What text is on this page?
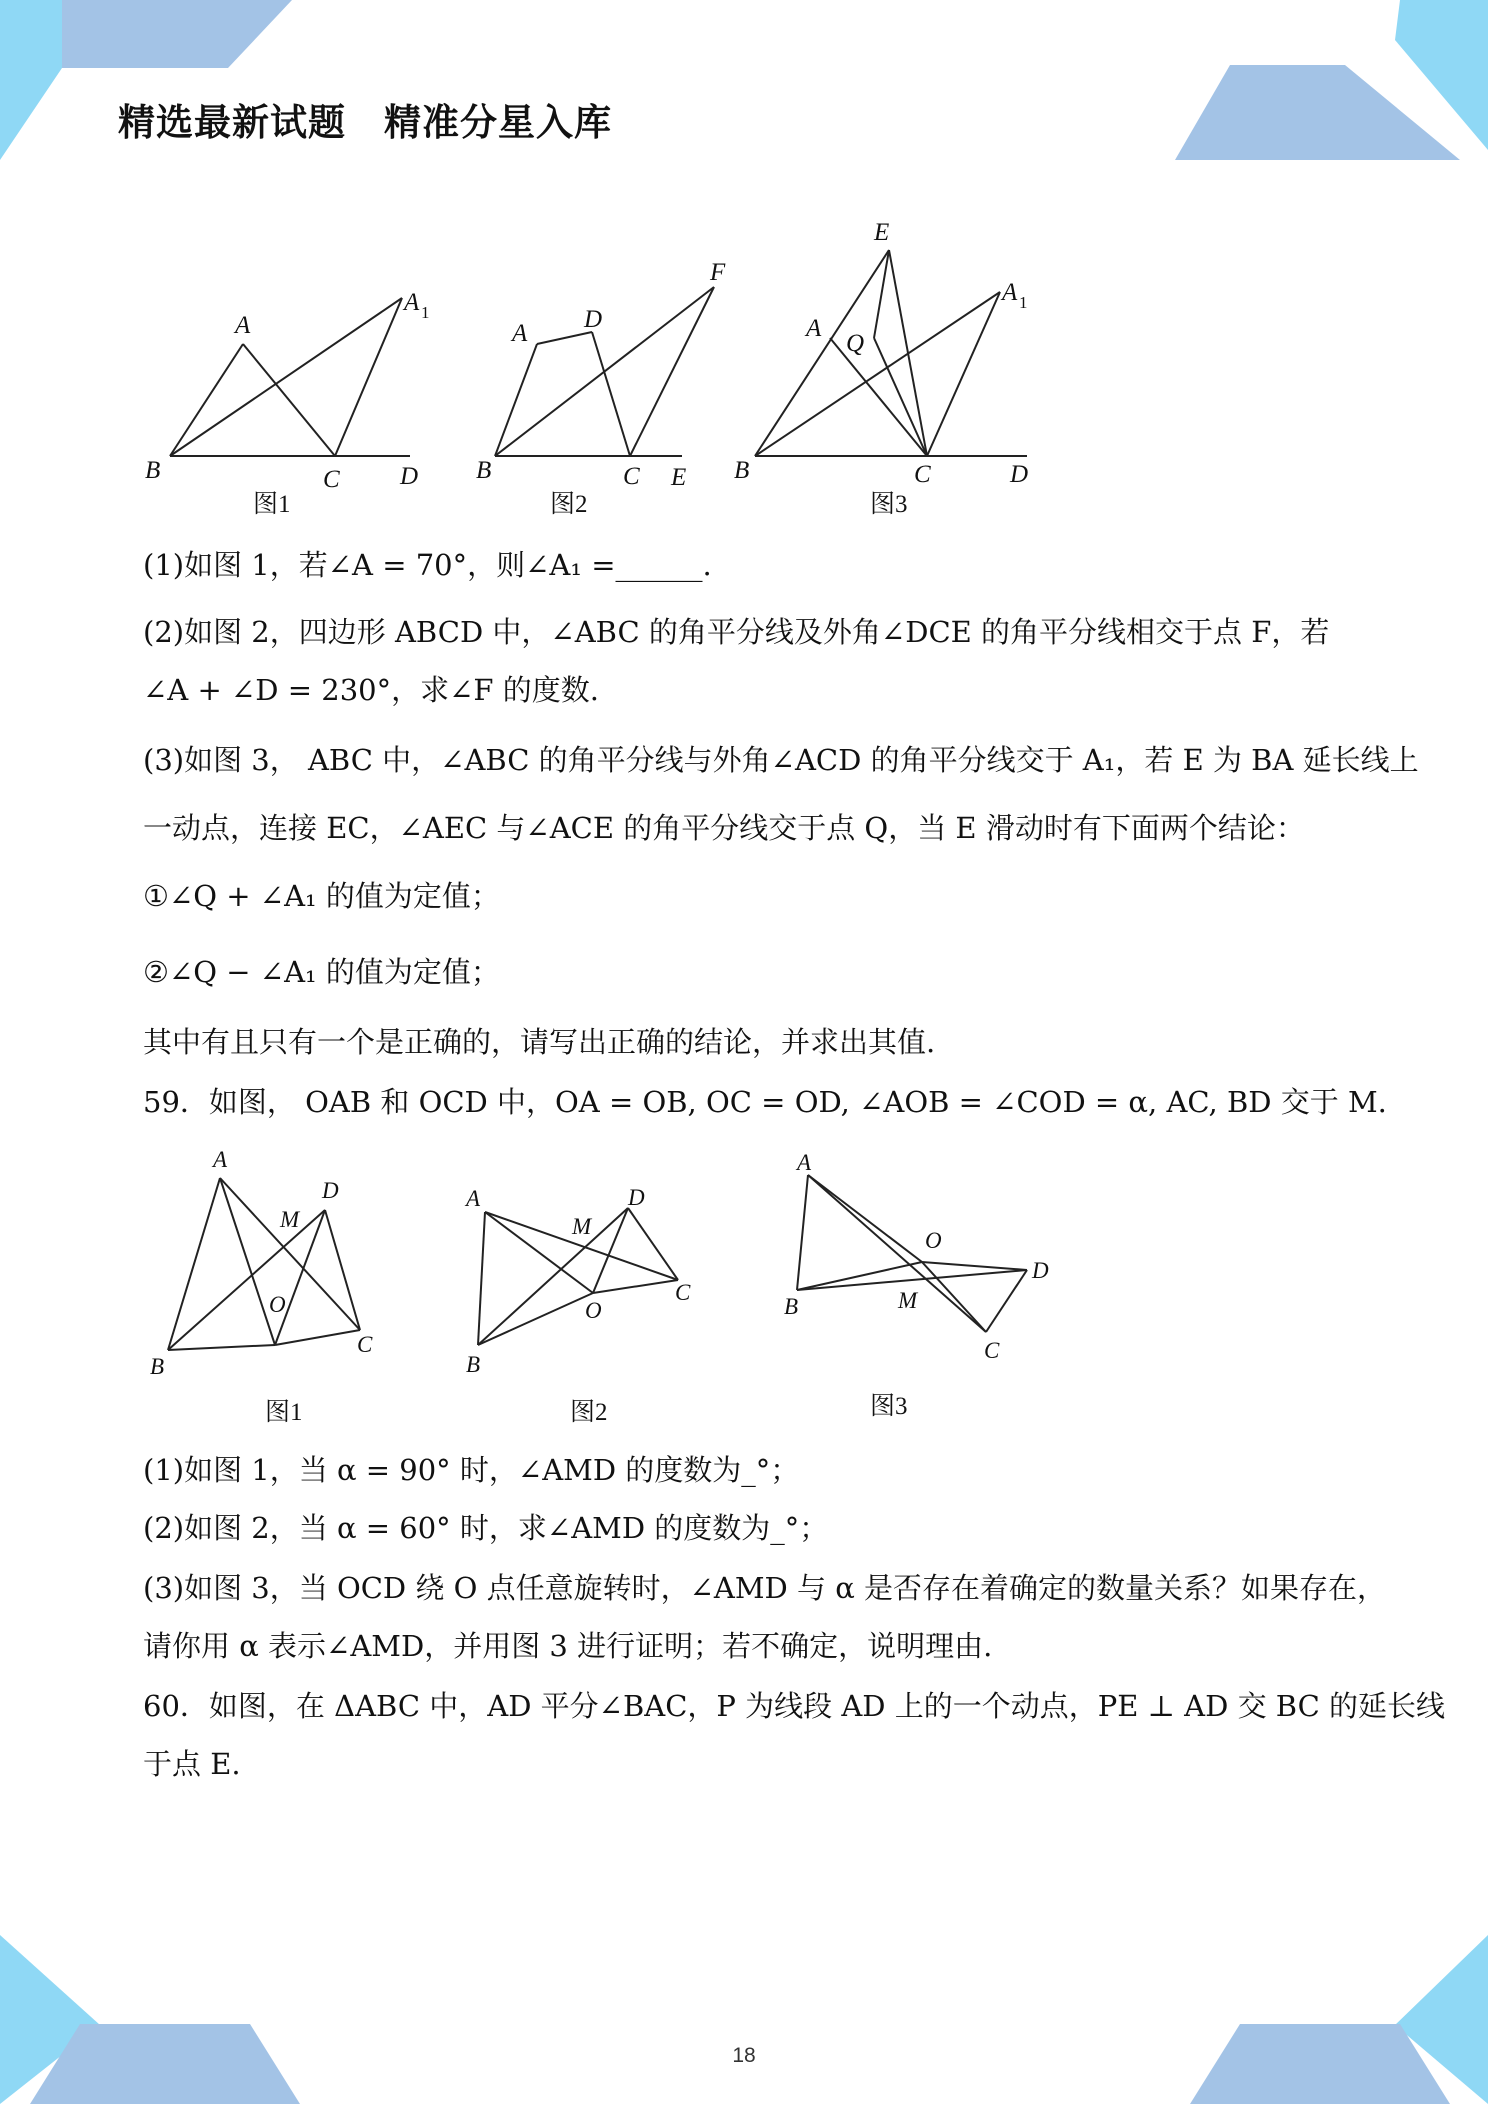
精选最新试题　精准分星入库
A
A 1
B	C D
图1
A
D
F
B	C E
图2
E
A
Q
A 1
B	C	D
图3
(1)如图 1，若∠A = 70°，则∠A₁ =______.
(2)如图 2，四边形 ABCD 中，∠ABC 的角平分线及外角∠DCE 的角平分线相交于点 F，若
∠A + ∠D = 230°，求∠F 的度数.
(3)如图 3， ABC 中，∠ABC 的角平分线与外角∠ACD 的角平分线交于 A₁，若 E 为 BA 延长线上
一动点，连接 EC，∠AEC 与∠ACE 的角平分线交于点 Q，当 E 滑动时有下面两个结论：
①∠Q + ∠A₁ 的值为定值；
②∠Q − ∠A₁ 的值为定值；
其中有且只有一个是正确的，请写出正确的结论，并求出其值.
59．如图， OAB 和 OCD 中，OA = OB, OC = OD, ∠AOB = ∠COD = α, AC, BD 交于 M.
A
D
M
O
B
C
图1
A	D
M
O
B
C
图2
A
O
D
B	M
C
图3
(1)如图 1，当 α = 90° 时，∠AMD 的度数为_°；
(2)如图 2，当 α = 60° 时，求∠AMD 的度数为_°；
(3)如图 3，当 OCD 绕 O 点任意旋转时，∠AMD 与 α 是否存在着确定的数量关系？如果存在，
请你用 α 表示∠AMD，并用图 3 进行证明；若不确定，说明理由.
60．如图，在 ΔABC 中，AD 平分∠BAC，P 为线段 AD 上的一个动点，PE ⊥ AD 交 BC 的延长线
于点 E.
18
